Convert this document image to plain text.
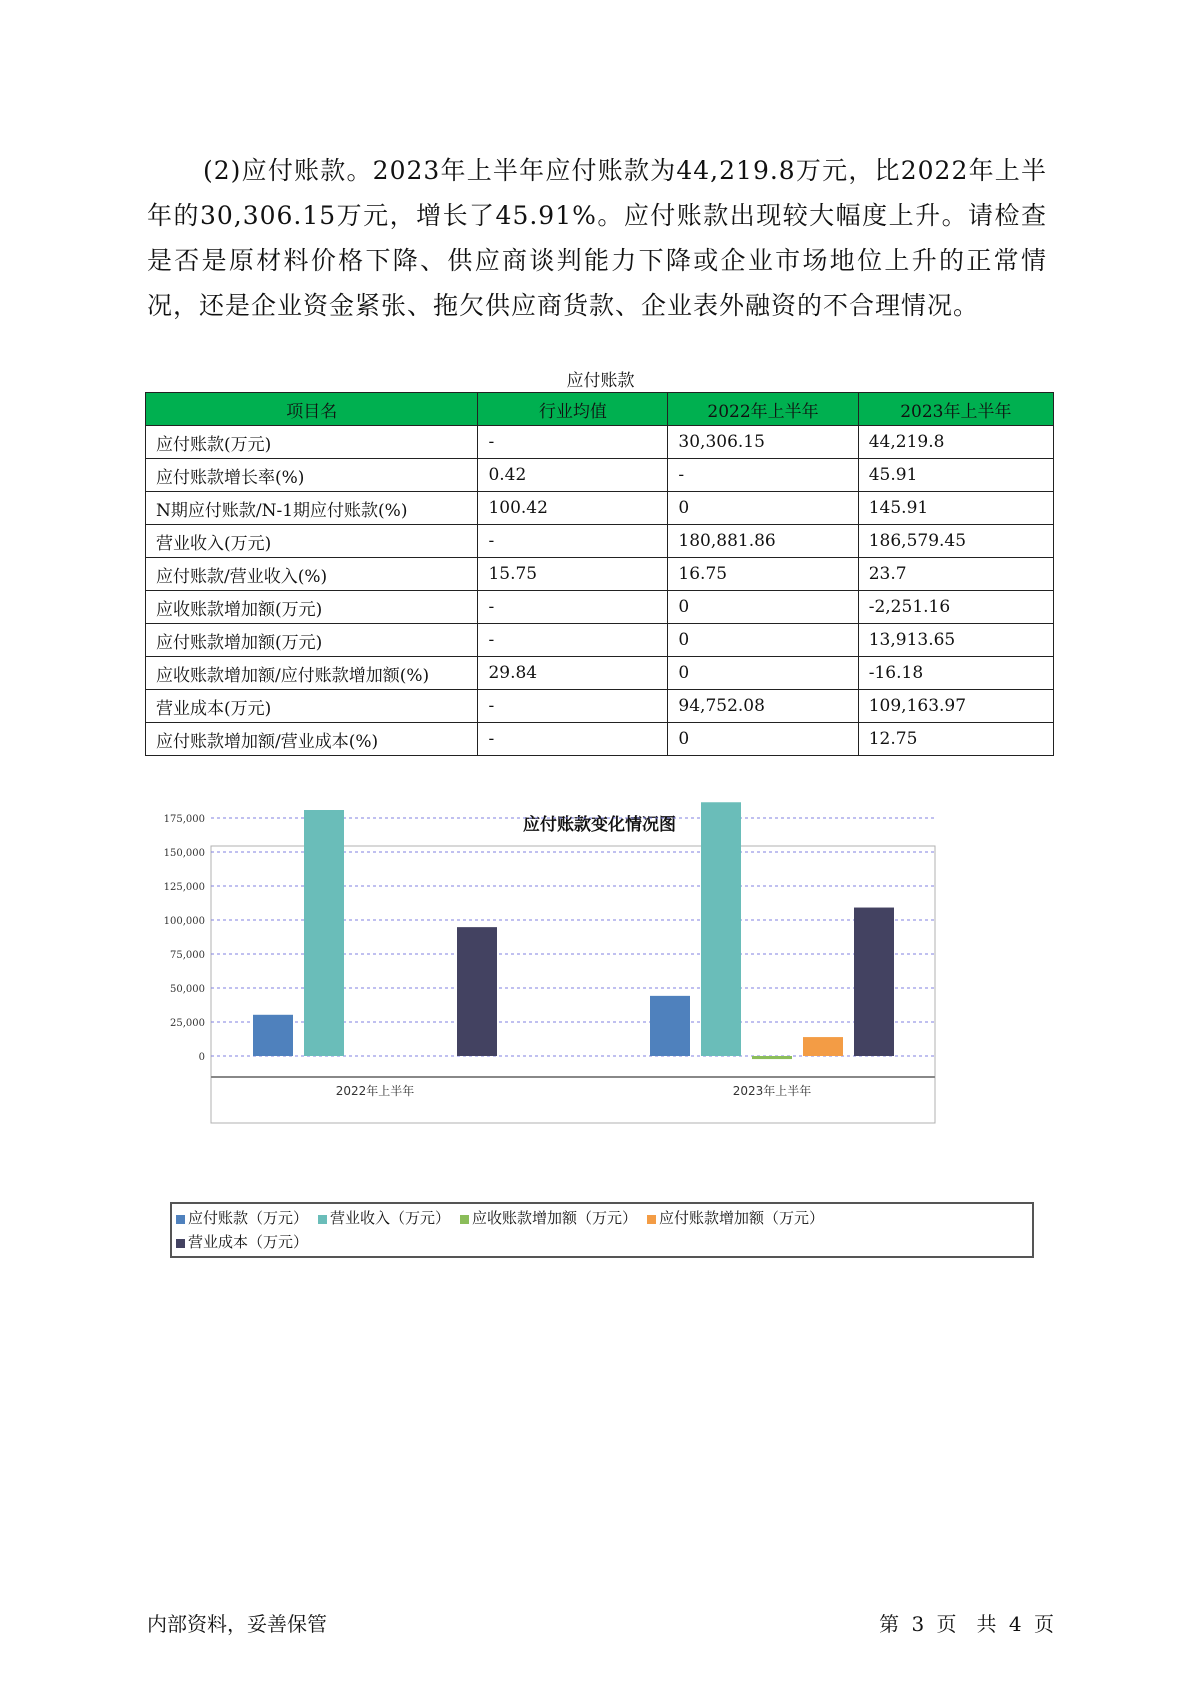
(2)应付账款。2023年上半年应付账款为44,219.8万元，比2022年上半年的30,306.15万元，增长了45.91%。应付账款出现较大幅度上升。请检查是否是原材料价格下降、供应商谈判能力下降或企业市场地位上升的正常情况，还是企业资金紧张、拖欠供应商货款、企业表外融资的不合理情况。

应付账款
项目名	行业均值	2022年上半年	2023年上半年
应付账款(万元)	-	30,306.15	44,219.8
应付账款增长率(%)	0.42	-	45.91
N期应付账款/N-1期应付账款(%)	100.42	0	145.91
营业收入(万元)	-	180,881.86	186,579.45
应付账款/营业收入(%)	15.75	16.75	23.7
应收账款增加额(万元)	-	0	-2,251.16
应付账款增加额(万元)	-	0	13,913.65
应收账款增加额/应付账款增加额(%)	29.84	0	-16.18
营业成本(万元)	-	94,752.08	109,163.97
应付账款增加额/营业成本(%)	-	0	12.75
应付账款变化情况图
0
25,000
50,000
75,000
100,000
125,000
150,000
175,000
2022年上半年	2023年上半年
应付账款（万元） 营业收入（万元） 应收账款增加额（万元） 应付账款增加额（万元）
营业成本（万元）
内部资料，妥善保管	第 3 页　共 4 页
